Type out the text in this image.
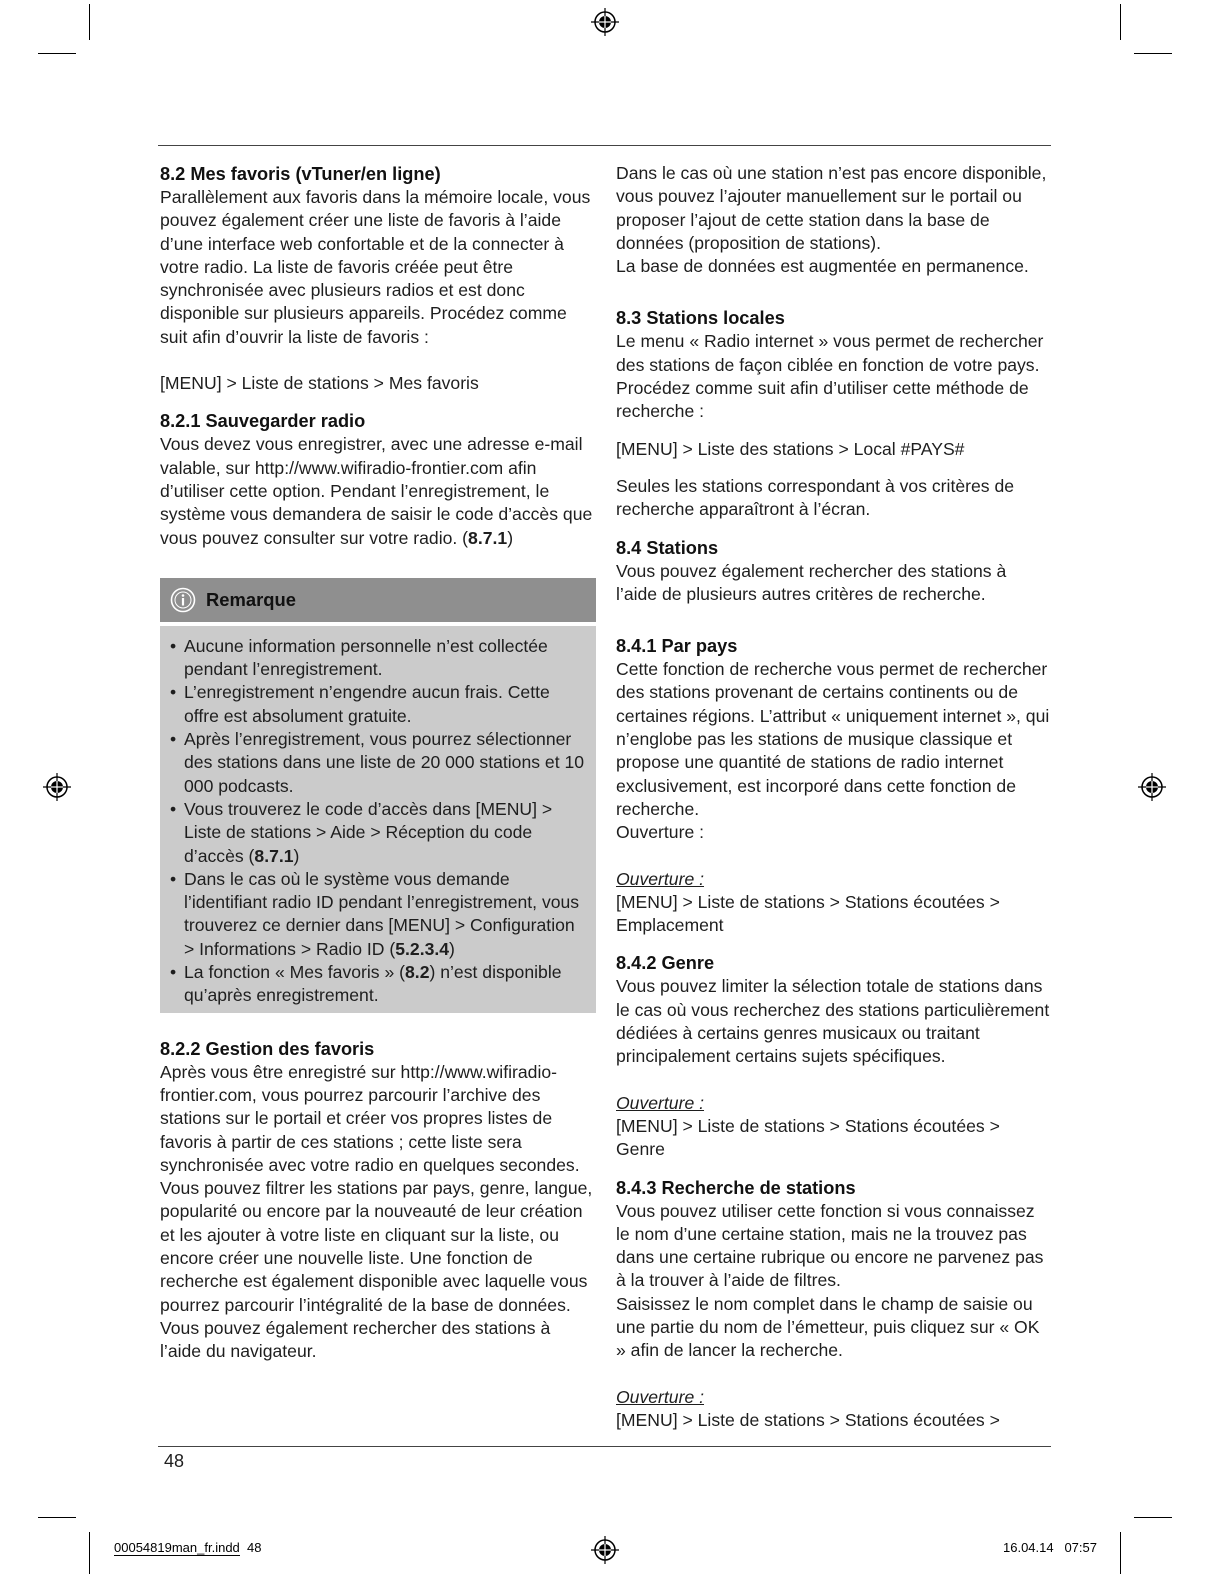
8.2 Mes favoris (vTuner/en ligne)

Parallèlement aux favoris dans la mémoire locale, vous pouvez également créer une liste de favoris à l’aide d’une interface web confortable et de la connecter à votre radio. La liste de favoris créée peut être synchronisée avec plusieurs radios et est donc disponible sur plusieurs appareils. Procédez comme suit afin d’ouvrir la liste de favoris :

[MENU] > Liste de stations > Mes favoris

8.2.1 Sauvegarder radio

Vous devez vous enregistrer, avec une adresse e-mail valable, sur http://www.wifiradio-frontier.com afin d’utiliser cette option. Pendant l’enregistrement, le système vous demandera de saisir le code d’accès que vous pouvez consulter sur votre radio. (8.7.1)

Remarque
• Aucune information personnelle n’est collectée pendant l’enregistrement.
• L’enregistrement n’engendre aucun frais. Cette offre est absolument gratuite.
• Après l’enregistrement, vous pourrez sélectionner des stations dans une liste de 20 000 stations et 10 000 podcasts.
• Vous trouverez le code d’accès dans [MENU] > Liste de stations > Aide > Réception du code d’accès (8.7.1)
• Dans le cas où le système vous demande l’identifiant radio ID pendant l’enregistrement, vous trouverez ce dernier dans [MENU] > Configuration > Informations > Radio ID (5.2.3.4)
• La fonction « Mes favoris » (8.2) n’est disponible qu’après enregistrement.

8.2.2 Gestion des favoris

Après vous être enregistré sur http://www.wifiradio-frontier.com, vous pourrez parcourir l’archive des stations sur le portail et créer vos propres listes de favoris à partir de ces stations ; cette liste sera synchronisée avec votre radio en quelques secondes.

Vous pouvez filtrer les stations par pays, genre, langue, popularité ou encore par la nouveauté de leur création et les ajouter à votre liste en cliquant sur la liste, ou encore créer une nouvelle liste. Une fonction de recherche est également disponible avec laquelle vous pourrez parcourir l’intégralité de la base de données.

Vous pouvez également rechercher des stations à l’aide du navigateur.

Dans le cas où une station n’est pas encore disponible, vous pouvez l’ajouter manuellement sur le portail ou proposer l’ajout de cette station dans la base de données (proposition de stations).

La base de données est augmentée en permanence.

8.3 Stations locales

Le menu « Radio internet » vous permet de rechercher des stations de façon ciblée en fonction de votre pays. Procédez comme suit afin d’utiliser cette méthode de recherche :

[MENU] > Liste des stations > Local #PAYS#

Seules les stations correspondant à vos critères de recherche apparaîtront à l’écran.

8.4 Stations

Vous pouvez également rechercher des stations à l’aide de plusieurs autres critères de recherche.

8.4.1 Par pays

Cette fonction de recherche vous permet de rechercher des stations provenant de certains continents ou de certaines régions. L’attribut « uniquement internet », qui n’englobe pas les stations de musique classique et propose une quantité de stations de radio internet exclusivement, est incorporé dans cette fonction de recherche.

Ouverture :

Ouverture :

[MENU] > Liste de stations > Stations écoutées > Emplacement

8.4.2 Genre

Vous pouvez limiter la sélection totale de stations dans le cas où vous recherchez des stations particulièrement dédiées à certains genres musicaux ou traitant principalement certains sujets spécifiques.

Ouverture :

[MENU] > Liste de stations > Stations écoutées > Genre

8.4.3 Recherche de stations

Vous pouvez utiliser cette fonction si vous connaissez le nom d’une certaine station, mais ne la trouvez pas dans une certaine rubrique ou encore ne parvenez pas à la trouver à l’aide de filtres.

Saisissez le nom complet dans le champ de saisie ou une partie du nom de l’émetteur, puis cliquez sur « OK » afin de lancer la recherche.

Ouverture :

[MENU] > Liste de stations > Stations écoutées >

48
00054819man_fr.indd 48	16.04.14 07:57
